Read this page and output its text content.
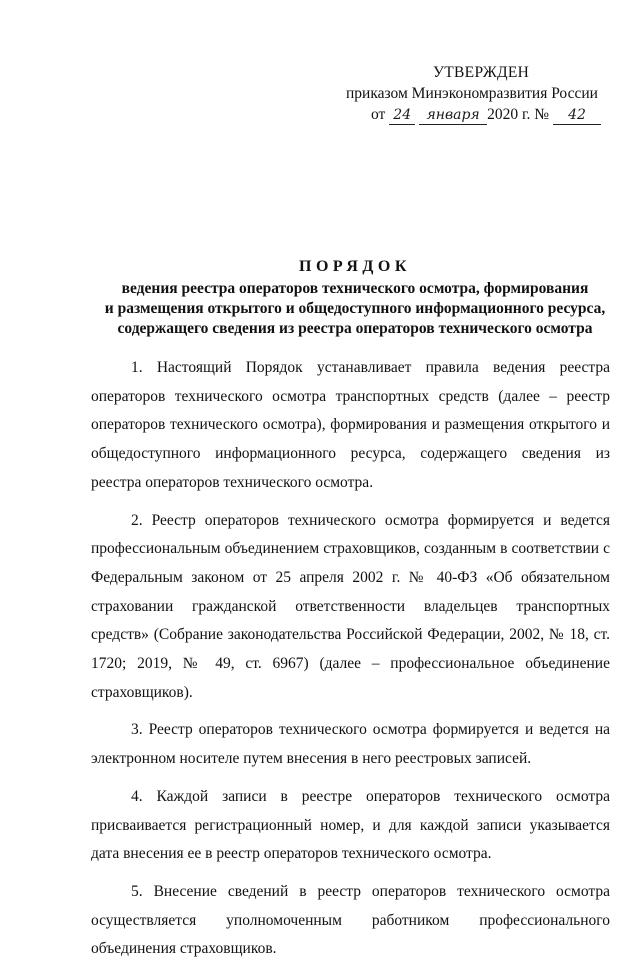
УТВЕРЖДЕН
приказом Минэкономразвития России
от 24 января 2020 г. № 42
ПОРЯДОК
ведения реестра операторов технического осмотра, формирования
и размещения открытого и общедоступного информационного ресурса,
содержащего сведения из реестра операторов технического осмотра

1. Настоящий Порядок устанавливает правила ведения реестра операторов технического осмотра транспортных средств (далее – реестр операторов технического осмотра), формирования и размещения открытого и общедоступного информационного ресурса, содержащего сведения из реестра операторов технического осмотра.

2. Реестр операторов технического осмотра формируется и ведется профессиональным объединением страховщиков, созданным в соответствии с Федеральным законом от 25 апреля 2002 г. № 40-ФЗ «Об обязательном страховании гражданской ответственности владельцев транспортных средств» (Собрание законодательства Российской Федерации, 2002, № 18, ст. 1720; 2019, № 49, ст. 6967) (далее – профессиональное объединение страховщиков).

3. Реестр операторов технического осмотра формируется и ведется на электронном носителе путем внесения в него реестровых записей.

4. Каждой записи в реестре операторов технического осмотра присваивается регистрационный номер, и для каждой записи указывается дата внесения ее в реестр операторов технического осмотра.

5. Внесение сведений в реестр операторов технического осмотра осуществляется уполномоченным работником профессионального объединения страховщиков.
